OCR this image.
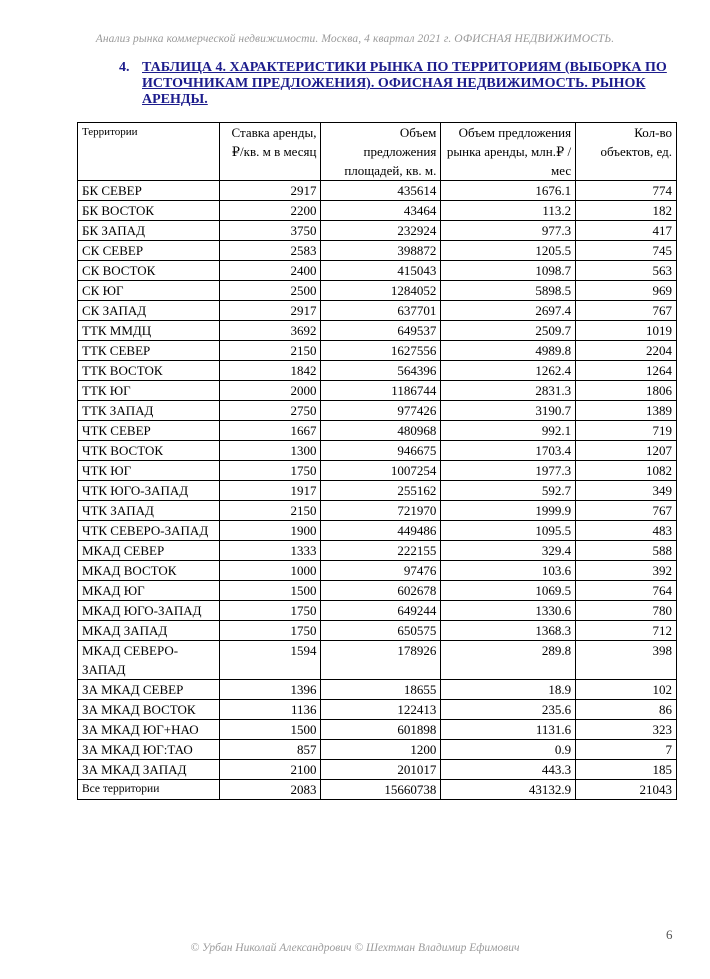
Анализ рынка коммерческой недвижимости. Москва, 4 квартал 2021 г. ОФИСНАЯ НЕДВИЖИМОСТЬ.
4. ТАБЛИЦА 4. ХАРАКТЕРИСТИКИ РЫНКА ПО ТЕРРИТОРИЯМ (ВЫБОРКА ПО ИСТОЧНИКАМ ПРЕДЛОЖЕНИЯ). ОФИСНАЯ НЕДВИЖИМОСТЬ. РЫНОК АРЕНДЫ.
Территории	Ставка аренды, ₽/кв. м в месяц	Объем предложения площадей, кв. м.	Объем предложения рынка аренды, млн.₽ /мес	Кол-во объектов, ед.
БК СЕВЕР	2917	435614	1676.1	774
БК ВОСТОК	2200	43464	113.2	182
БК ЗАПАД	3750	232924	977.3	417
СК СЕВЕР	2583	398872	1205.5	745
СК ВОСТОК	2400	415043	1098.7	563
СК ЮГ	2500	1284052	5898.5	969
СК ЗАПАД	2917	637701	2697.4	767
ТТК ММДЦ	3692	649537	2509.7	1019
ТТК СЕВЕР	2150	1627556	4989.8	2204
ТТК ВОСТОК	1842	564396	1262.4	1264
ТТК ЮГ	2000	1186744	2831.3	1806
ТТК ЗАПАД	2750	977426	3190.7	1389
ЧТК СЕВЕР	1667	480968	992.1	719
ЧТК ВОСТОК	1300	946675	1703.4	1207
ЧТК ЮГ	1750	1007254	1977.3	1082
ЧТК ЮГО-ЗАПАД	1917	255162	592.7	349
ЧТК ЗАПАД	2150	721970	1999.9	767
ЧТК СЕВЕРО-ЗАПАД	1900	449486	1095.5	483
МКАД СЕВЕР	1333	222155	329.4	588
МКАД ВОСТОК	1000	97476	103.6	392
МКАД ЮГ	1500	602678	1069.5	764
МКАД ЮГО-ЗАПАД	1750	649244	1330.6	780
МКАД ЗАПАД	1750	650575	1368.3	712
МКАД СЕВЕРО-ЗАПАД	1594	178926	289.8	398
ЗА МКАД СЕВЕР	1396	18655	18.9	102
ЗА МКАД ВОСТОК	1136	122413	235.6	86
ЗА МКАД ЮГ+НАО	1500	601898	1131.6	323
ЗА МКАД ЮГ:ТАО	857	1200	0.9	7
ЗА МКАД ЗАПАД	2100	201017	443.3	185
Все территории	2083	15660738	43132.9	21043
6
© Урбан Николай Александрович © Шехтман Владимир Ефимович
